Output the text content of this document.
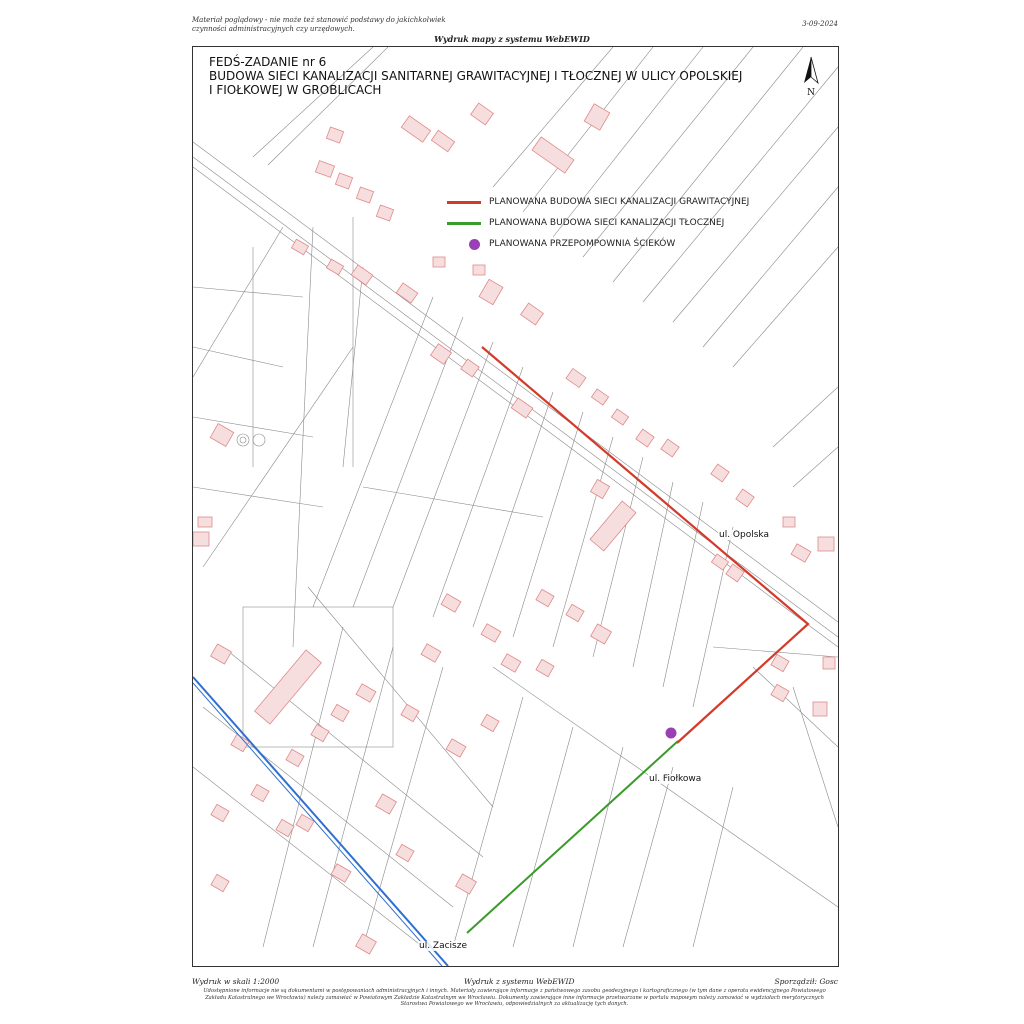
Materiał poglądowy - nie może też stanowić podstawy do jakichkolwiek czynności administracyjnych czy urzędowych.
3-09-2024
Wydruk mapy z systemu WebEWID
FEDŚ-ZADANIE nr 6
BUDOWA SIECI KANALIZACJI SANITARNEJ GRAWITACYJNEJ I TŁOCZNEJ W ULICY OPOLSKIEJ
I FIOŁKOWEJ W GROBLICACH	N
PLANOWANA BUDOWA SIECI KANALIZACJI GRAWITACYJNEJ
PLANOWANA BUDOWA SIECI KANALIZACJI TŁOCZNEJ
PLANOWANA PRZEPOMPOWNIA ŚCIEKÓW
ul. Opolska
ul. Fiołkowa
ul. Zacisze
Wydruk w skali 1:2000	Wydruk z systemu WebEWID	Sporządził: Gosc
Udostępnione informacje nie są dokumentami w postępowaniach administracyjnych i innych. Materiały zawierające informacje z państwowego zasobu geodezyjnego i kartograficznego (w tym dane z operatu ewidencyjnego Powiatowego Zakładu Katastralnego we Wrocławiu) należy zamawiać w Powiatowym Zakładzie Katastralnym we Wrocławiu. Dokumenty zawierające inne informacje przetwarzane w portalu mapowym należy zamawiać w wydziałach merytorycznych Starostwa Powiatowego we Wrocławiu, odpowiedzialnych za aktualizację tych danych.
